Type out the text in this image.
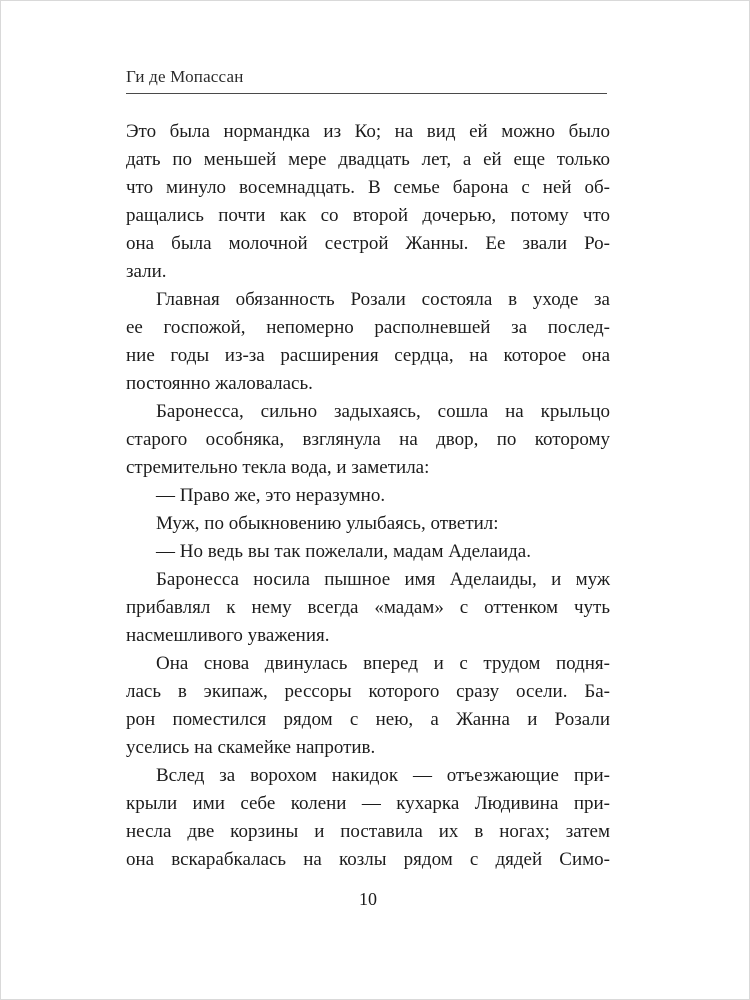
Ги де Мопассан
Это была нормандка из Ко; на вид ей можно было
дать по меньшей мере двадцать лет, а ей еще только
что минуло восемнадцать. В семье барона с ней об-
ращались почти как со второй дочерью, потому что
она была молочной сестрой Жанны. Ее звали Ро-
зали.
Главная обязанность Розали состояла в уходе за
ее госпожой, непомерно располневшей за послед-
ние годы из-за расширения сердца, на которое она
постоянно жаловалась.
Баронесса, сильно задыхаясь, сошла на крыльцо
старого особняка, взглянула на двор, по которому
стремительно текла вода, и заметила:
— Право же, это неразумно.
Муж, по обыкновению улыбаясь, ответил:
— Но ведь вы так пожелали, мадам Аделаида.
Баронесса носила пышное имя Аделаиды, и муж
прибавлял к нему всегда «мадам» с оттенком чуть
насмешливого уважения.
Она снова двинулась вперед и с трудом подня-
лась в экипаж, рессоры которого сразу осели. Ба-
рон поместился рядом с нею, а Жанна и Розали
уселись на скамейке напротив.
Вслед за ворохом накидок — отъезжающие при-
крыли ими себе колени — кухарка Людивина при-
несла две корзины и поставила их в ногах; затем
она вскарабкалась на козлы рядом с дядей Симо-
10
